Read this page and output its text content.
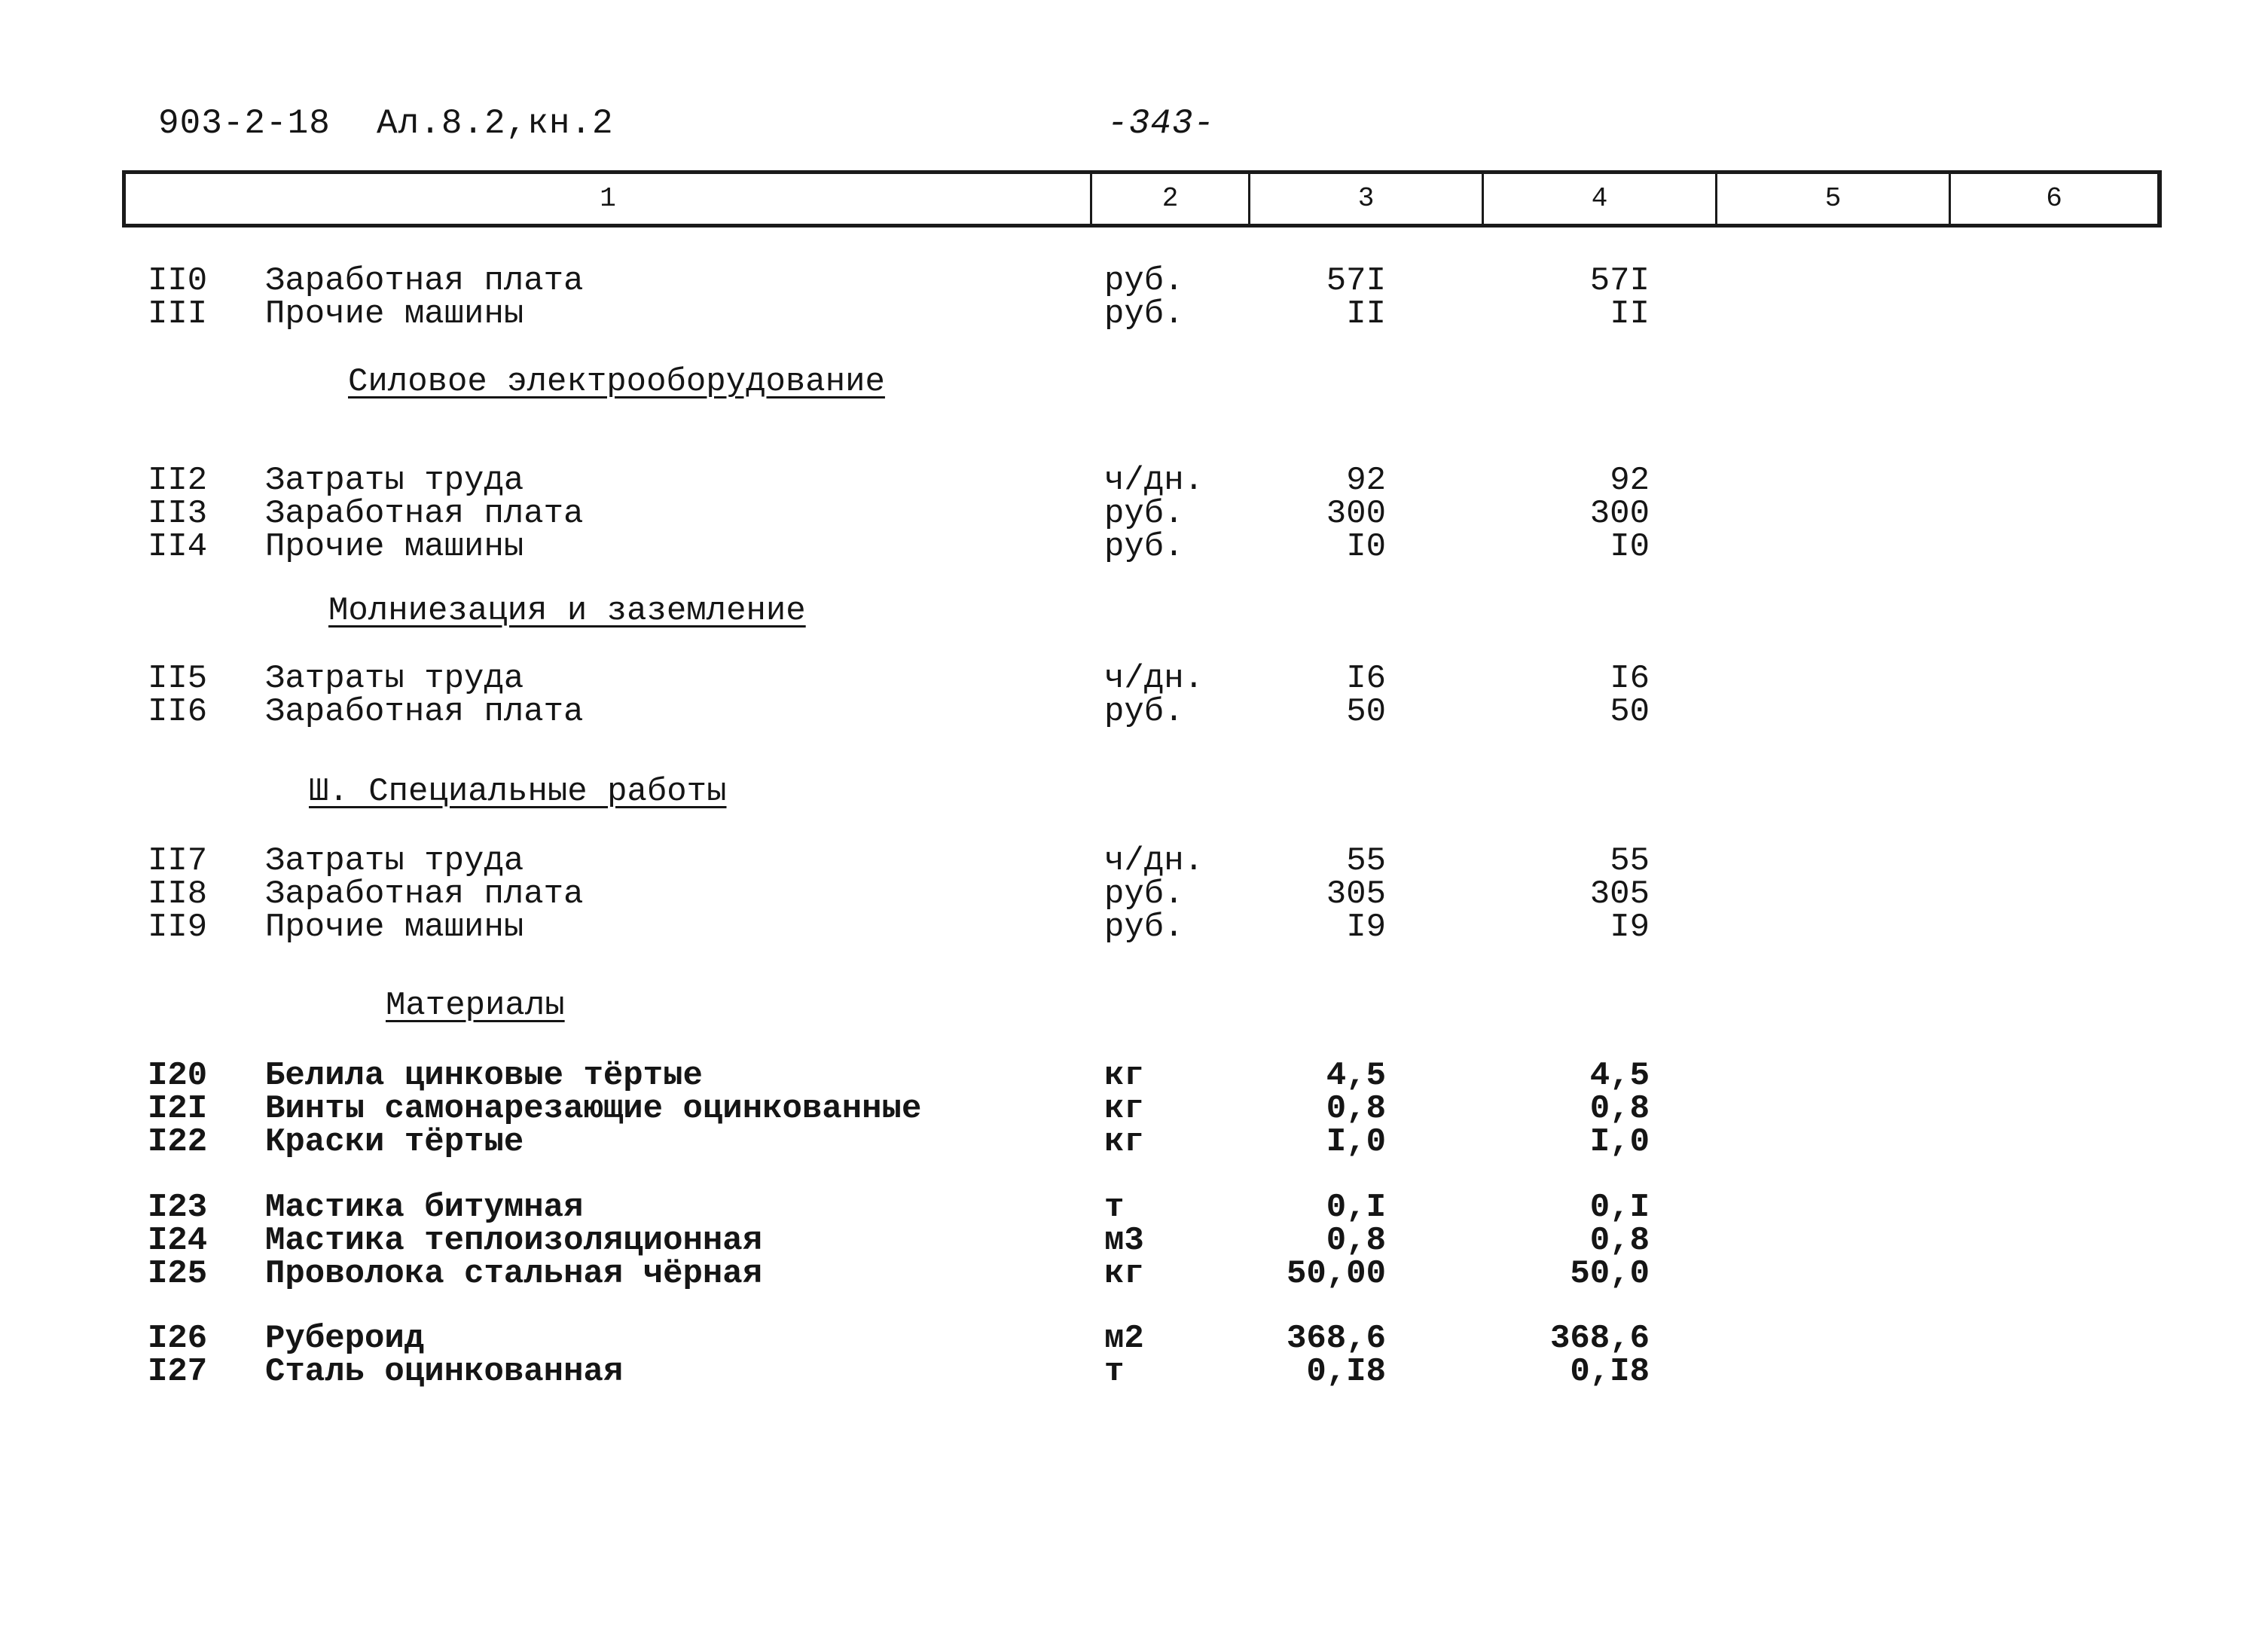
903-2-18 Ал.8.2,кн.2	-343-
1	2	3	4	5	6
II0 Заработная плата	руб.	57I	57I
III Прочие машины	руб.	II	II
Силовое электрооборудование
II2 Затраты труда	ч/дн.	92	92
II3 Заработная плата	руб.	300	300
II4 Прочие машины	руб.	I0	I0
Молниезация и заземление
II5 Затраты труда	ч/дн.	I6	I6
II6 Заработная плата	руб.	50	50
Ш. Специальные работы
II7 Затраты труда	ч/дн.	55	55
II8 Заработная плата	руб.	305	305
II9 Прочие машины	руб.	I9	I9
Материалы
I20 Белила цинковые тёртые	кг	4,5	4,5
I2I Винты самонарезающие оцинкованные	кг	0,8	0,8
I22 Краски тёртые	кг	I,0	I,0
I23 Мастика битумная	т	0,I	0,I
I24 Мастика теплоизоляционная	м3	0,8	0,8
I25 Проволока стальная чёрная	кг	50,00	50,0
I26 Рубероид	м2	368,6	368,6
I27 Сталь оцинкованная	т	0,I8	0,I8
